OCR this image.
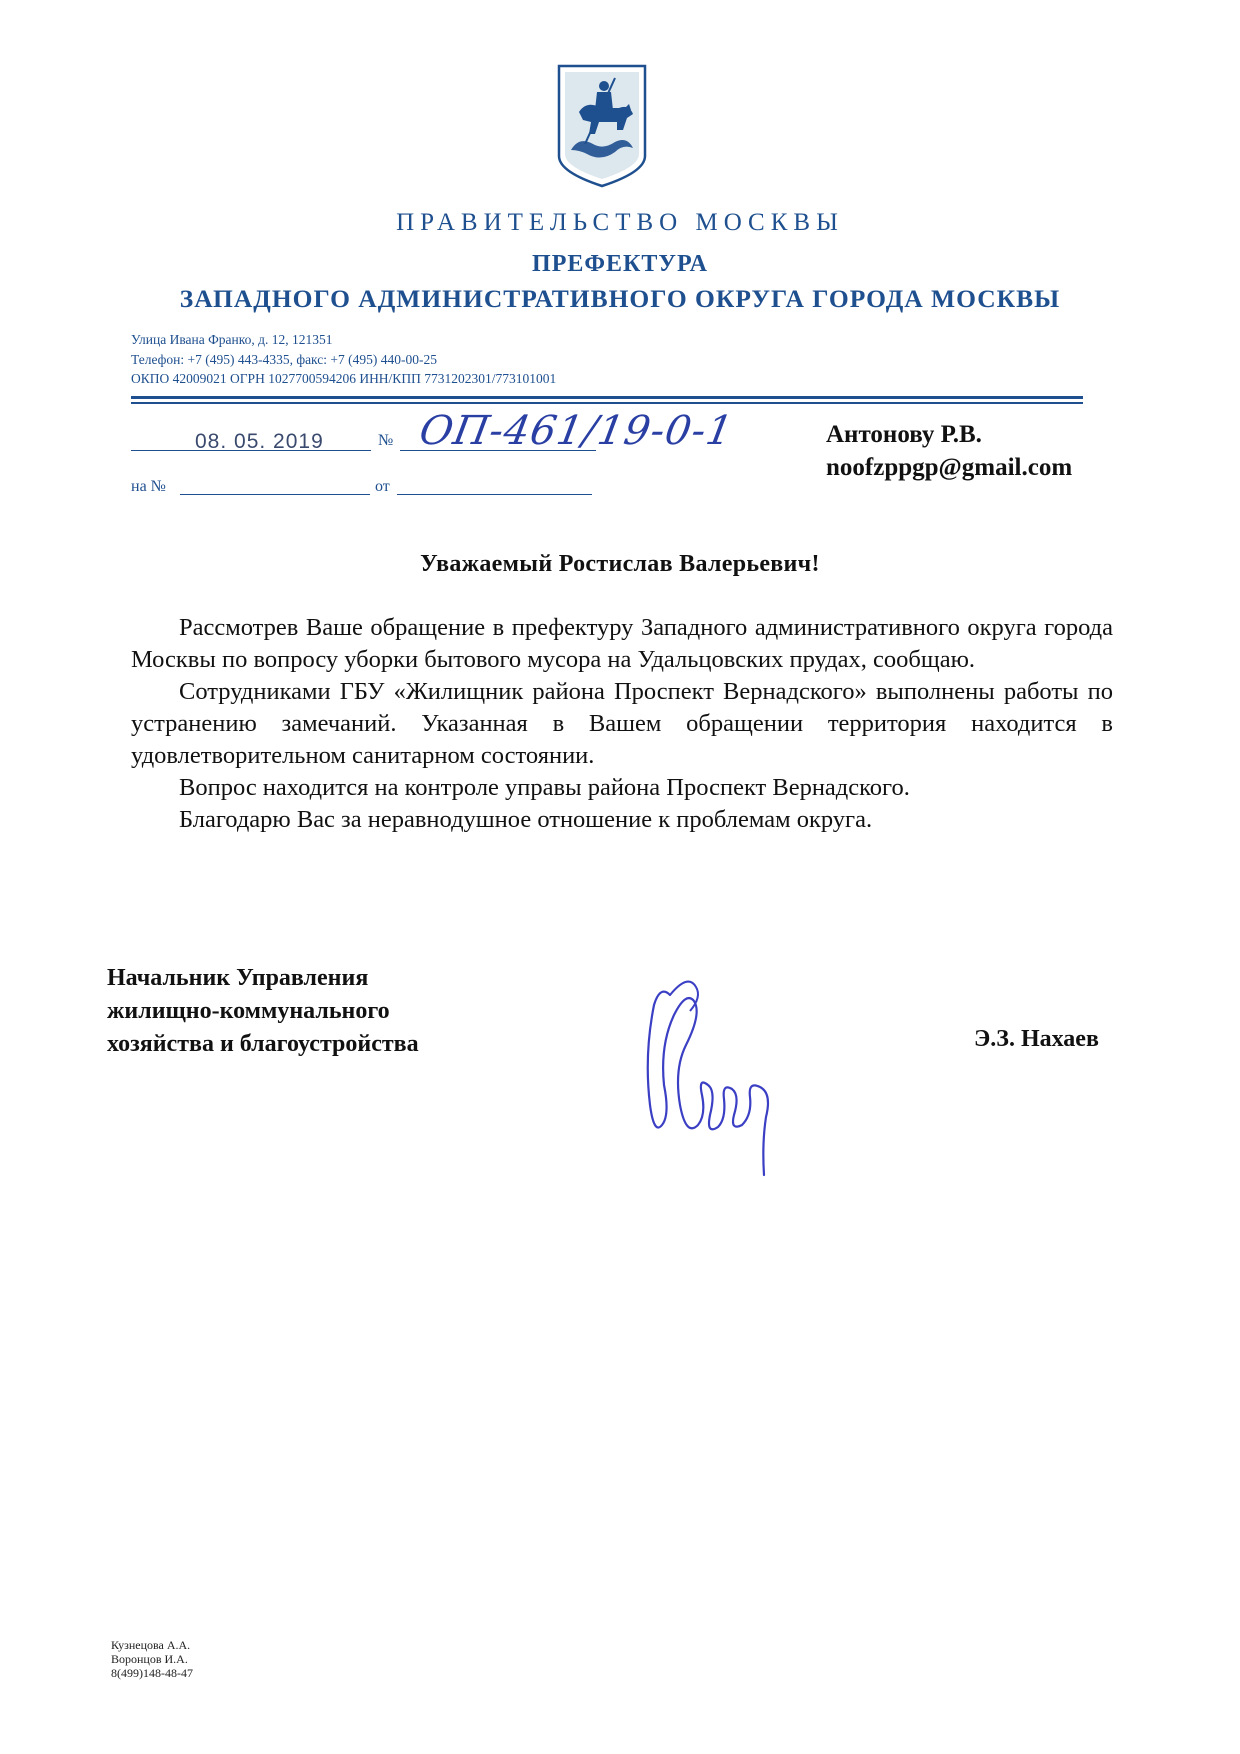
ПРАВИТЕЛЬСТВО МОСКВЫ
ПРЕФЕКТУРА
ЗАПАДНОГО АДМИНИСТРАТИВНОГО ОКРУГА ГОРОДА МОСКВЫ
Улица Ивана Франко, д. 12, 121351
Телефон: +7 (495) 443-4335, факс: +7 (495) 440-00-25
ОКПО 42009021 ОГРН 1027700594206 ИНН/КПП 7731202301/773101001
08. 05. 2019	№ ОП-461/19-0-1
на №	от
Антонову Р.В.
noofzppgp@gmail.com
Уважаемый Ростислав Валерьевич!

Рассмотрев Ваше обращение в префектуру Западного административного округа города Москвы по вопросу уборки бытового мусора на Удальцовских прудах, сообщаю.

Сотрудниками ГБУ «Жилищник района Проспект Вернадского» выполнены работы по устранению замечаний. Указанная в Вашем обращении территория находится в удовлетворительном санитарном состоянии.

Вопрос находится на контроле управы района Проспект Вернадского.

Благодарю Вас за неравнодушное отношение к проблемам округа.

Начальник Управления
жилищно-коммунального
хозяйства и благоустройства	Э.З. Нахаев
Кузнецова А.А.
Воронцов И.А.
8(499)148-48-47
